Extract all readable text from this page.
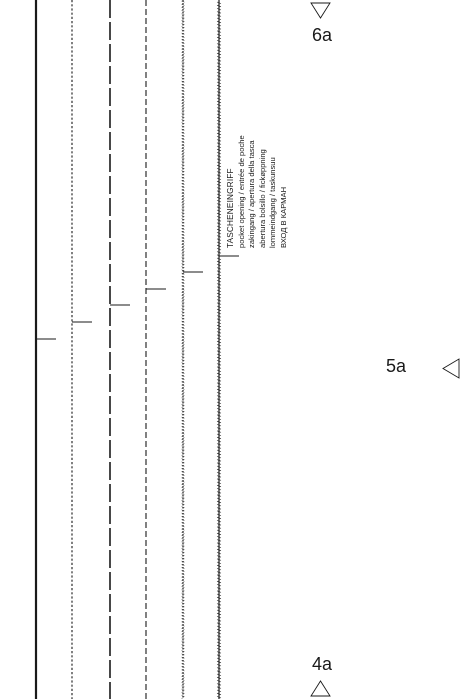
6a
5a
4a
TASCHENEINGRIFF pocket opening / entrée de poche zakingang / apertura della tasca abertura bolsillo / fickøppning lommeindgang / taskunsuu ВХОД В КАРМАН
